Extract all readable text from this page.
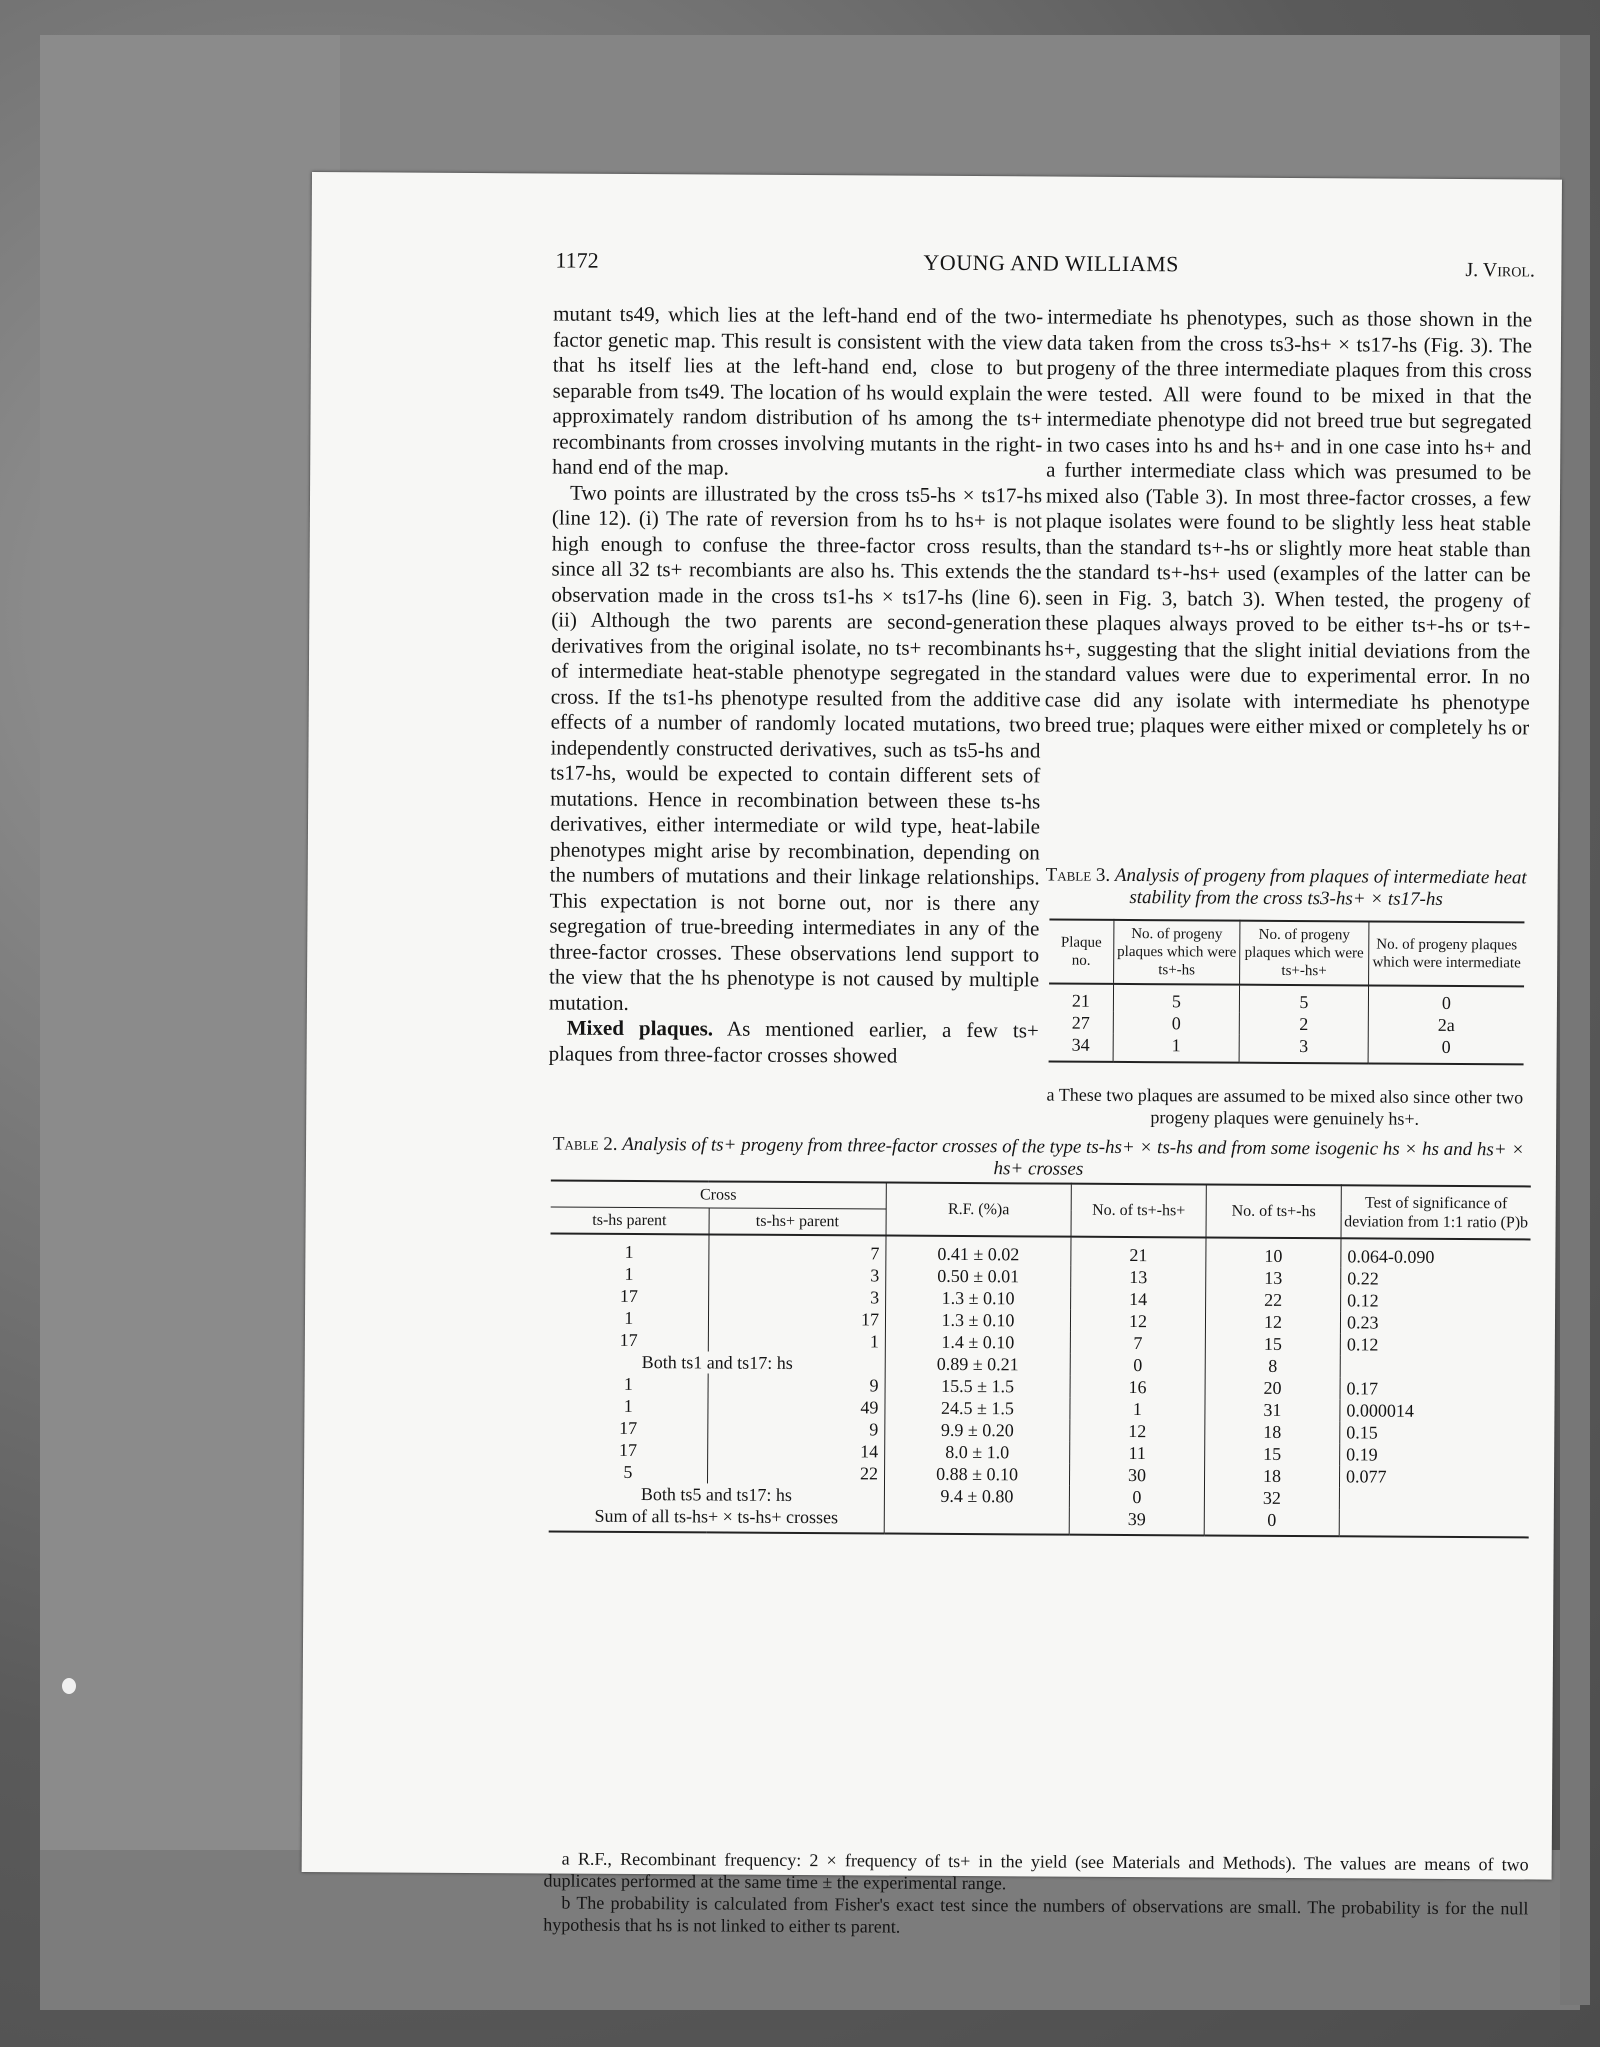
1172	YOUNG AND WILLIAMS	J. Virol.

mutant ts49, which lies at the left-hand end of the two-factor genetic map. This result is consistent with the view that hs itself lies at the left-hand end, close to but separable from ts49. The location of hs would explain the approximately random distribution of hs among the ts+ recombinants from crosses involving mutants in the right-hand end of the map.

Two points are illustrated by the cross ts5-hs × ts17-hs (line 12). (i) The rate of reversion from hs to hs+ is not high enough to confuse the three-factor cross results, since all 32 ts+ recombiants are also hs. This extends the observation made in the cross ts1-hs × ts17-hs (line 6). (ii) Although the two parents are second-generation derivatives from the original isolate, no ts+ recombinants of intermediate heat-stable phenotype segregated in the cross. If the ts1-hs phenotype resulted from the additive effects of a number of randomly located mutations, two independently constructed derivatives, such as ts5-hs and ts17-hs, would be expected to contain different sets of mutations. Hence in recombination between these ts-hs derivatives, either intermediate or wild type, heat-labile phenotypes might arise by recombination, depending on the numbers of mutations and their linkage relationships. This expectation is not borne out, nor is there any segregation of true-breeding intermediates in any of the three-factor crosses. These observations lend support to the view that the hs phenotype is not caused by multiple mutation.

Mixed plaques. As mentioned earlier, a few ts+ plaques from three-factor crosses showed

intermediate hs phenotypes, such as those shown in the data taken from the cross ts3-hs+ × ts17-hs (Fig. 3). The progeny of the three intermediate plaques from this cross were tested. All were found to be mixed in that the intermediate phenotype did not breed true but segregated in two cases into hs and hs+ and in one case into hs+ and a further intermediate class which was presumed to be mixed also (Table 3). In most three-factor crosses, a few plaque isolates were found to be slightly less heat stable than the standard ts+-hs or slightly more heat stable than the standard ts+-hs+ used (examples of the latter can be seen in Fig. 3, batch 3). When tested, the progeny of these plaques always proved to be either ts+-hs or ts+-hs+, suggesting that the slight initial deviations from the standard values were due to experimental error. In no case did any isolate with intermediate hs phenotype breed true; plaques were either mixed or completely hs or

Table 3. Analysis of progeny from plaques of intermediate heat stability from the cross ts3-hs+ × ts17-hs
Plaque no.	No. of progeny plaques which were ts+-hs	No. of progeny plaques which were ts+-hs+	No. of progeny plaques which were intermediate
21	5	5	0
27	0	2	2a
34	1	3	0
a These two plaques are assumed to be mixed also since other two progeny plaques were genuinely hs+.
Table 2. Analysis of ts+ progeny from three-factor crosses of the type ts-hs+ × ts-hs and from some isogenic hs × hs and hs+ × hs+ crosses
Cross		R.F. (%)a	No. of ts+-hs+	No. of ts+-hs	Test of significance of deviation from 1:1 ratio (P)b
ts-hs parent	ts-hs+ parent				
1	7	0.41 ± 0.02	21	10	0.064-0.090
1	3	0.50 ± 0.01	13	13	0.22
17	3	1.3 ± 0.10	14	22	0.12
1	17	1.3 ± 0.10	12	12	0.23
17	1	1.4 ± 0.10	7	15	0.12
Both ts1 and ts17: hs		0.89 ± 0.21	0	8	
1	9	15.5 ± 1.5	16	20	0.17
1	49	24.5 ± 1.5	1	31	0.000014
17	9	9.9 ± 0.20	12	18	0.15
17	14	8.0 ± 1.0	11	15	0.19
5	22	0.88 ± 0.10	30	18	0.077
Both ts5 and ts17: hs		9.4 ± 0.80	0	32	
Sum of all ts-hs+ × ts-hs+ crosses			39	0	

a R.F., Recombinant frequency: 2 × frequency of ts+ in the yield (see Materials and Methods). The values are means of two duplicates performed at the same time ± the experimental range.

b The probability is calculated from Fisher's exact test since the numbers of observations are small. The probability is for the null hypothesis that hs is not linked to either ts parent.
